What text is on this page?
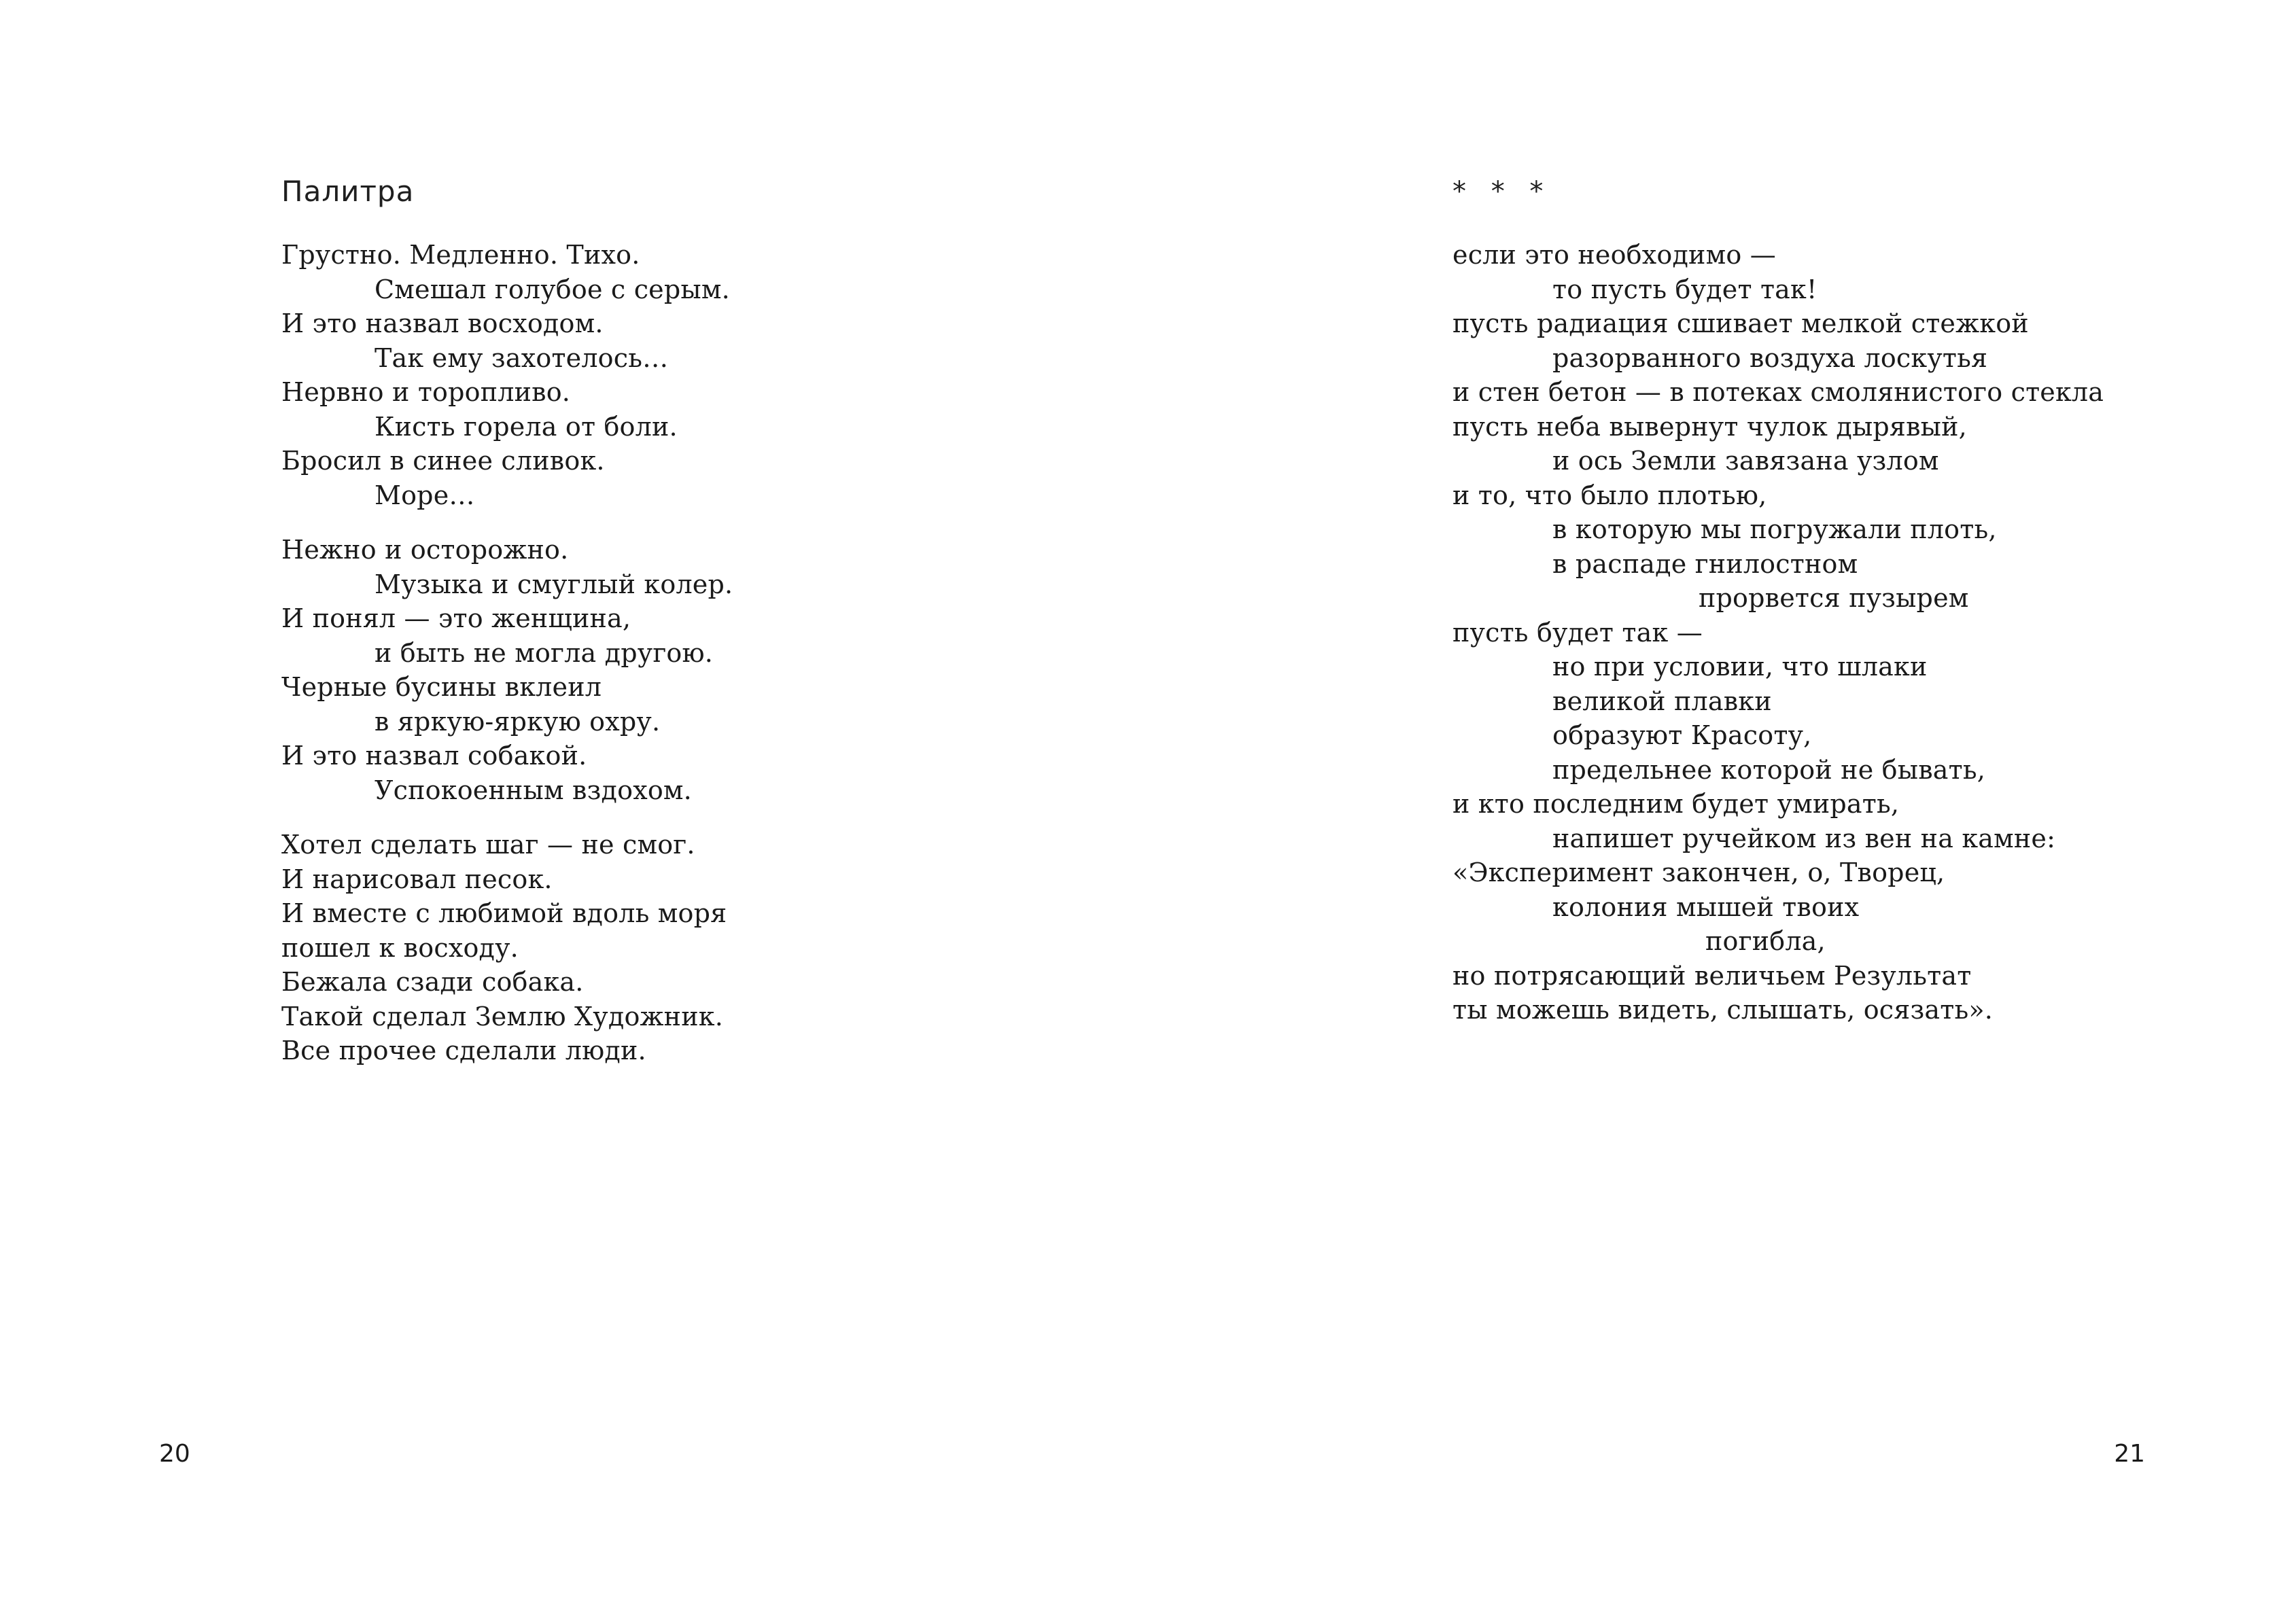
Палитра
Грустно. Медленно. Тихо.
Смешал голубое с серым.
И это назвал восходом.
Так ему захотелось…
Нервно и торопливо.
Кисть горела от боли.
Бросил в синее сливок.
Море…
Нежно и осторожно.
Музыка и смуглый колер.
И понял — это женщина,
и быть не могла другою.
Черные бусины вклеил
в яркую-яркую охру.
И это назвал собакой.
Успокоенным вздохом.
Хотел сделать шаг — не смог.
И нарисовал песок.
И вместе с любимой вдоль моря
пошел к восходу.
Бежала сзади собака.
Такой сделал Землю Художник.
Все прочее сделали люди.
20
* * *
если это необходимо —
то пусть будет так!
пусть радиация сшивает мелкой стежкой
разорванного воздуха лоскутья
и стен бетон — в потеках смолянистого стекла
пусть неба вывернут чулок дырявый,
и ось Земли завязана узлом
и то, что было плотью,
в которую мы погружали плоть,
в распаде гнилостном
прорвется пузырем
пусть будет так —
но при условии, что шлаки
великой плавки
образуют Красоту,
предельнее которой не бывать,
и кто последним будет умирать,
напишет ручейком из вен на камне:
«Эксперимент закончен, о, Творец,
колония мышей твоих
погибла,
но потрясающий величьем Результат
ты можешь видеть, слышать, осязать».
21
